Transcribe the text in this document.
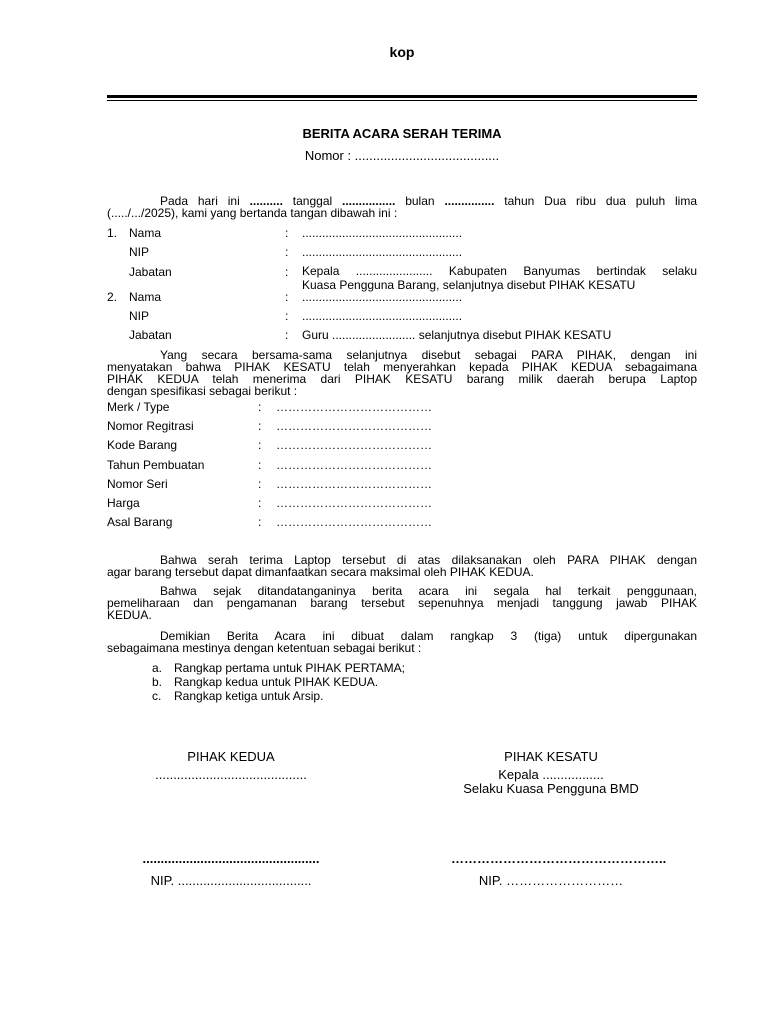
kop
BERITA ACARA SERAH TERIMA
Nomor : ........................................
Pada hari ini .......... tanggal ................ bulan ............... tahun Dua ribu dua puluh lima
(...../.../2025), kami yang bertanda tangan dibawah ini :
1. Nama	: ................................................
NIP	: ................................................
Jabatan	: Kepala ....................... Kabupaten Banyumas bertindak selaku
Kuasa Pengguna Barang, selanjutnya disebut PIHAK KESATU
2. Nama	: ................................................
NIP	: ................................................
Jabatan	: Guru ......................... selanjutnya disebut PIHAK KESATU
Yang secara bersama-sama selanjutnya disebut sebagai PARA PIHAK, dengan ini
menyatakan bahwa PIHAK KESATU telah menyerahkan kepada PIHAK KEDUA sebagaimana
PIHAK KEDUA telah menerima dari PIHAK KESATU barang milik daerah berupa Laptop
dengan spesifikasi sebagai berikut :
Merk / Type	: …………………………………
Nomor Regitrasi	: …………………………………
Kode Barang	: …………………………………
Tahun Pembuatan	: …………………………………
Nomor Seri	: …………………………………
Harga	: …………………………………
Asal Barang	: …………………………………
Bahwa serah terima Laptop tersebut di atas dilaksanakan oleh PARA PIHAK dengan
agar barang tersebut dapat dimanfaatkan secara maksimal oleh PIHAK KEDUA.
Bahwa sejak ditandatanganinya berita acara ini segala hal terkait penggunaan,
pemeliharaan dan pengamanan barang tersebut sepenuhnya menjadi tanggung jawab PIHAK
KEDUA.
Demikian Berita Acara ini dibuat dalam rangkap 3 (tiga) untuk dipergunakan
sebagaimana mestinya dengan ketentuan sebagai berikut :
a. Rangkap pertama untuk PIHAK PERTAMA;
b. Rangkap kedua untuk PIHAK KEDUA.
c. Rangkap ketiga untuk Arsip.
PIHAK KEDUA
..........................................
PIHAK KESATU
Kepala .................
Selaku Kuasa Pengguna BMD
.................................................
NIP. .....................................
…………………………………………..
NIP. ………………………
